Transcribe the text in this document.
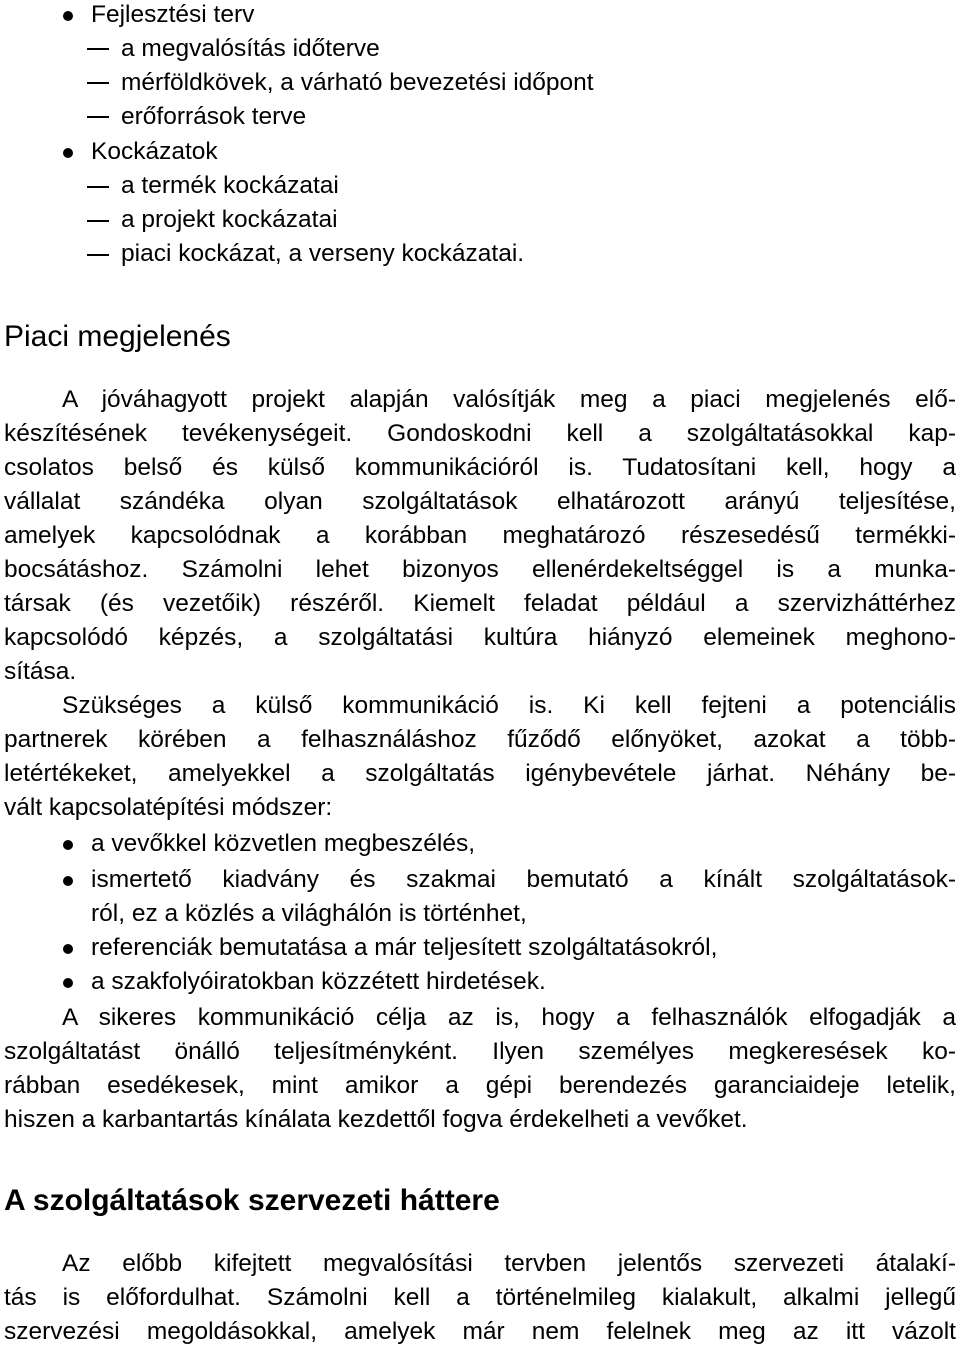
Fejlesztési terv
a megvalósítás időterve
mérföldkövek, a várható bevezetési időpont
erőforrások terve
Kockázatok
a termék kockázatai
a projekt kockázatai
piaci kockázat, a verseny kockázatai.
Piaci megjelenés
A jóváhagyott projekt alapján valósítják meg a piaci megjelenés elő-
készítésének tevékenységeit. Gondoskodni kell a szolgáltatásokkal kap-
csolatos belső és külső kommunikációról is. Tudatosítani kell, hogy a
vállalat szándéka olyan szolgáltatások elhatározott arányú teljesítése,
amelyek kapcsolódnak a korábban meghatározó részesedésű termékki-
bocsátáshoz. Számolni lehet bizonyos ellenérdekeltséggel is a munka-
társak (és vezetőik) részéről. Kiemelt feladat például a szervizháttérhez
kapcsolódó képzés, a szolgáltatási kultúra hiányzó elemeinek meghono-
sítása.
Szükséges a külső kommunikáció is. Ki kell fejteni a potenciális
partnerek körében a felhasználáshoz fűződő előnyöket, azokat a több-
letértékeket, amelyekkel a szolgáltatás igénybevétele járhat. Néhány be-
vált kapcsolatépítési módszer:
a vevőkkel közvetlen megbeszélés,
ismertető kiadvány és szakmai bemutató a kínált szolgáltatások-
ról, ez a közlés a világhálón is történhet,
referenciák bemutatása a már teljesített szolgáltatásokról,
a szakfolyóiratokban közzétett hirdetések.
A sikeres kommunikáció célja az is, hogy a felhasználók elfogadják a
szolgáltatást önálló teljesítményként. Ilyen személyes megkeresések ko-
rábban esedékesek, mint amikor a gépi berendezés garanciaideje letelik,
hiszen a karbantartás kínálata kezdettől fogva érdekelheti a vevőket.
A szolgáltatások szervezeti háttere
Az előbb kifejtett megvalósítási tervben jelentős szervezeti átalakí-
tás is előfordulhat. Számolni kell a történelmileg kialakult, alkalmi jellegű
szervezési megoldásokkal, amelyek már nem felelnek meg az itt vázolt
